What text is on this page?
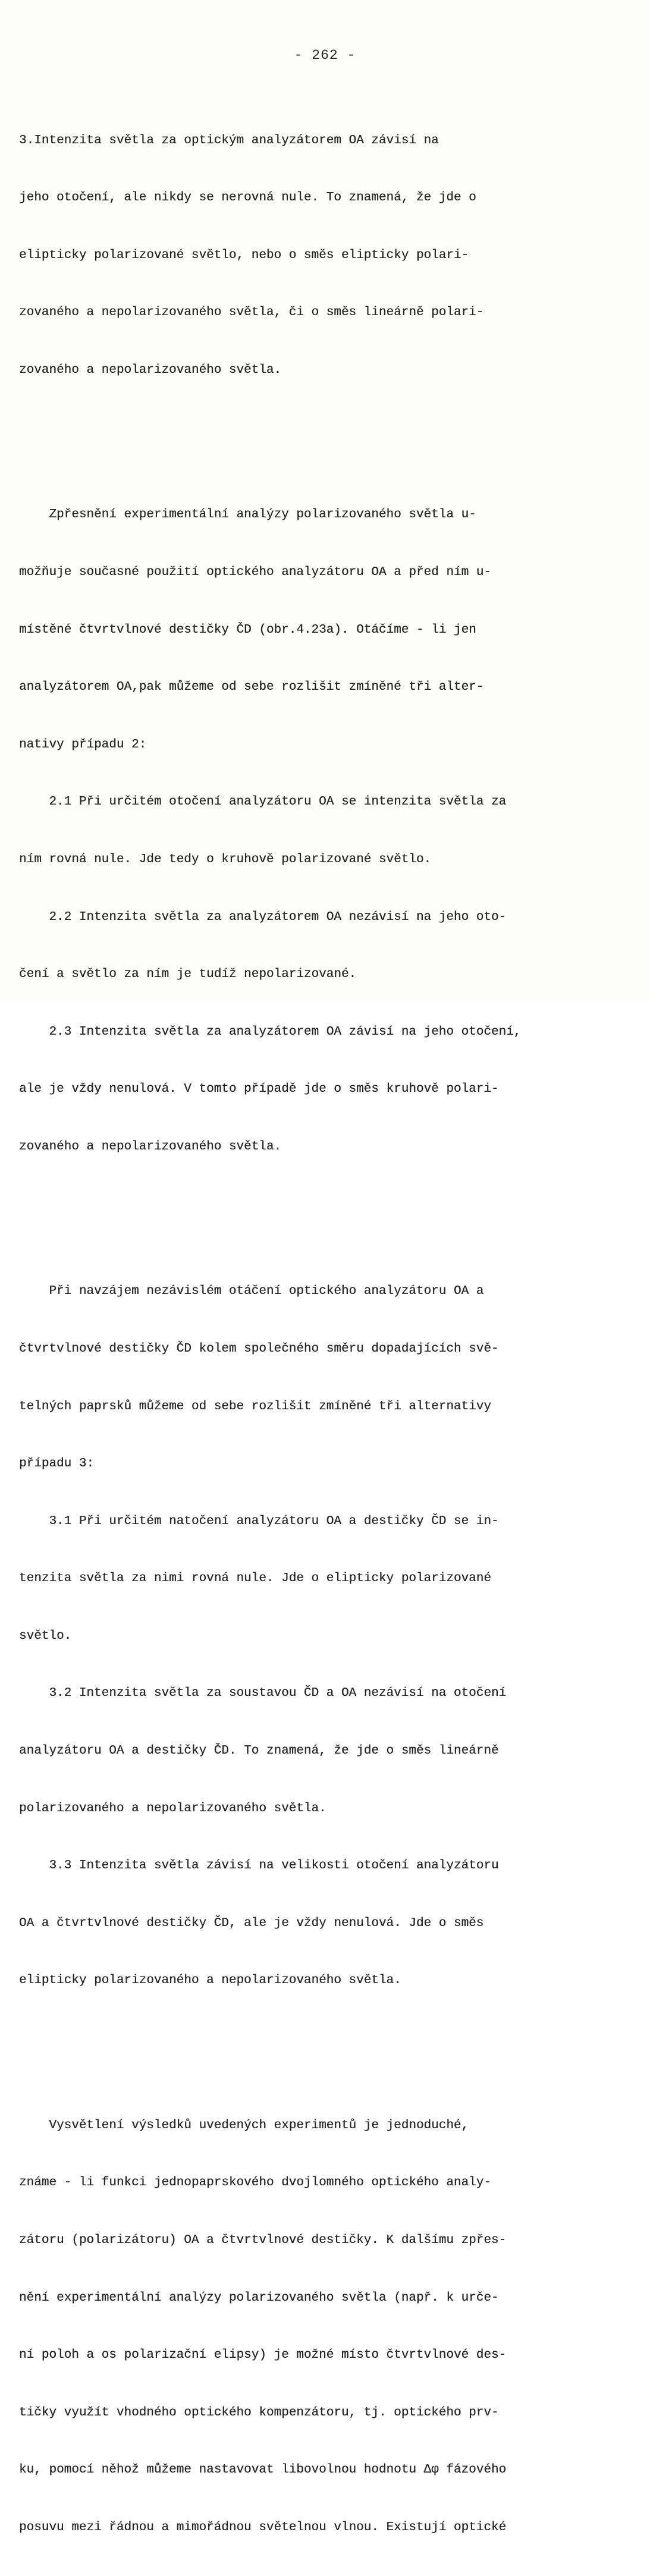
- 262 -

3.Intenzita světla za optickým analyzátorem OA závisí na

jeho otočení, ale nikdy se nerovná nule. To znamená, že jde o

elipticky polarizované světlo, nebo o směs elipticky polari-

zovaného a nepolarizovaného světla, či o směs lineárně polari-

zovaného a nepolarizovaného světla.

Zpřesnění experimentální analýzy polarizovaného světla u-

možňuje současné použití optického analyzátoru OA a před ním u-

místěné čtvrtvlnové destičky ČD (obr.4.23a). Otáčíme - li jen

analyzátorem OA,pak můžeme od sebe rozlišit zmíněné tři alter-

nativy případu 2:

2.1 Při určitém otočení analyzátoru OA se intenzita světla za

ním rovná nule. Jde tedy o kruhově polarizované světlo.

2.2 Intenzita světla za analyzátorem OA nezávisí na jeho oto-

čení a světlo za ním je tudíž nepolarizované.

2.3 Intenzita světla za analyzátorem OA závisí na jeho otočení,

ale je vždy nenulová. V tomto případě jde o směs kruhově polari-

zovaného a nepolarizovaného světla.

Při navzájem nezávislém otáčení optického analyzátoru OA a

čtvrtvlnové destičky ČD kolem společného směru dopadajících svě-

telných paprsků můžeme od sebe rozlišit zmíněné tři alternativy

případu 3:

3.1 Při určitém natočení analyzátoru OA a destičky ČD se in-

tenzita světla za nimi rovná nule. Jde o elipticky polarizované

světlo.

3.2 Intenzita světla za soustavou ČD a OA nezávisí na otočení

analyzátoru OA a destičky ČD. To znamená, že jde o směs lineárně

polarizovaného a nepolarizovaného světla.

3.3 Intenzita světla závisí na velikosti otočení analyzátoru

OA a čtvrtvlnové destičky ČD, ale je vždy nenulová. Jde o směs

elipticky polarizovaného a nepolarizovaného světla.

Vysvětlení výsledků uvedených experimentů je jednoduché,

známe - li funkci jednopaprskového dvojlomného optického analy-

zátoru (polarizátoru) OA a čtvrtvlnové destičky. K dalšímu zpřes-

nění experimentální analýzy polarizovaného světla (např. k urče-

ní poloh a os polarizační elipsy) je možné místo čtvrtvlnové des-

tičky využít vhodného optického kompenzátoru, tj. optického prv-

ku, pomocí něhož můžeme nastavovat libovolnou hodnotu Δφ fázového

posuvu mezi řádnou a mimořádnou světelnou vlnou. Existují optické
